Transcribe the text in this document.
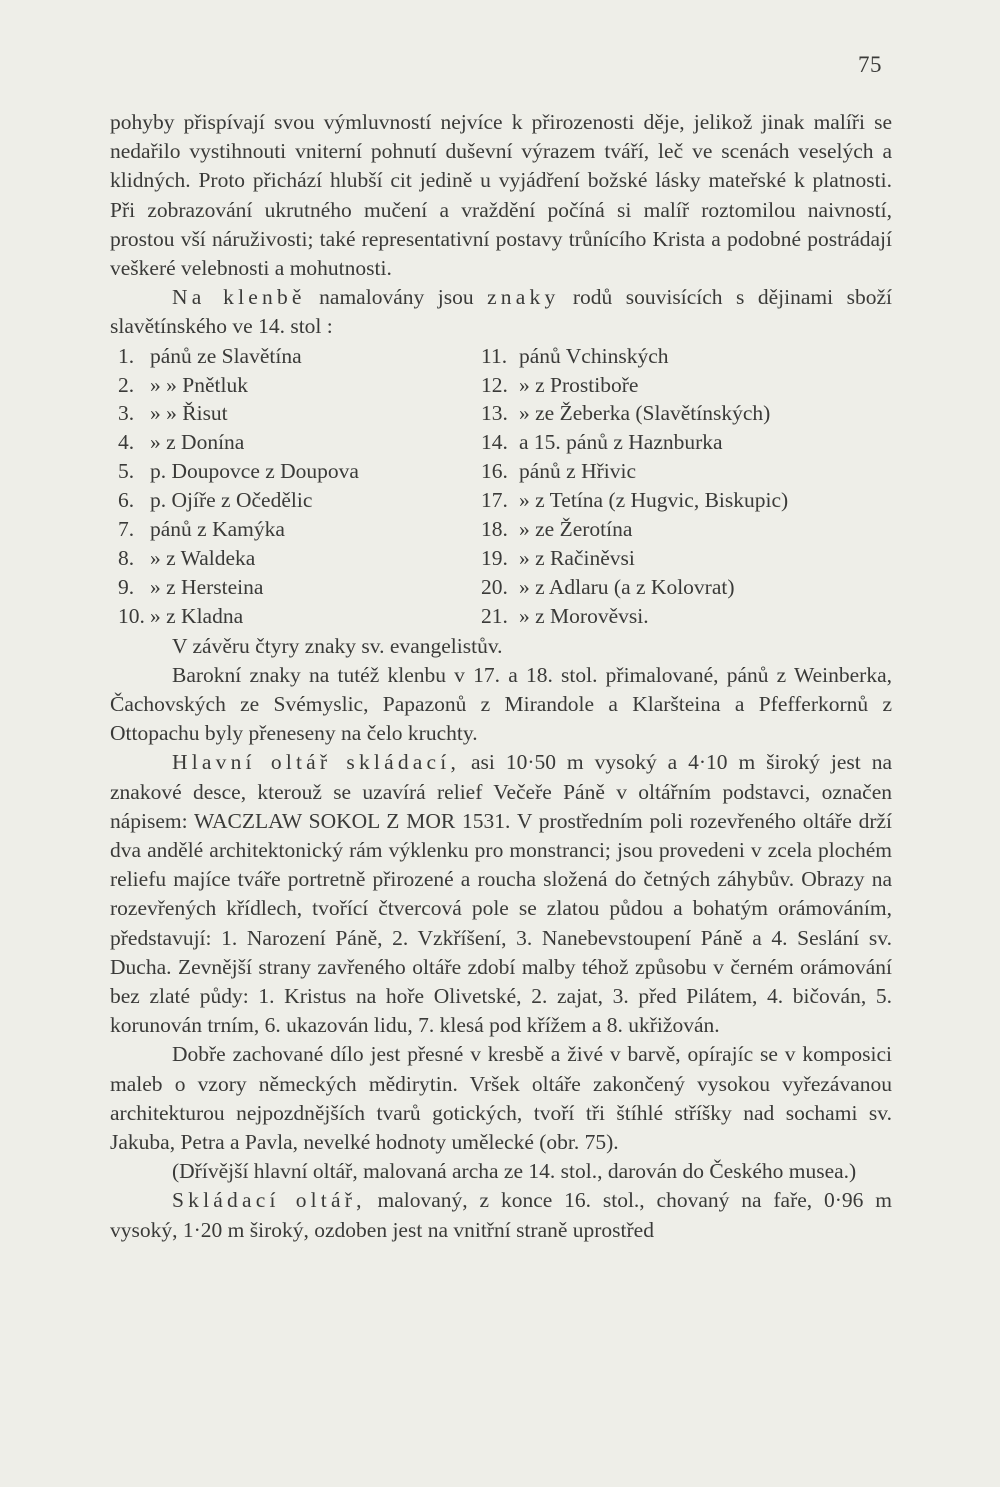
75

pohyby přispívají svou výmluvností nejvíce k přirozenosti děje, jelikož jinak malíři se nedařilo vystihnouti vniterní pohnutí duševní výrazem tváří, leč ve scenách veselých a klidných. Proto přichází hlubší cit jedině u vyjádření božské lásky mateřské k platnosti. Při zobrazování ukrutného mučení a vraždění počíná si malíř roztomilou naivností, prostou vší náruživosti; také representativní postavy trůnícího Krista a podobné postrádají veškeré velebnosti a mohutnosti.

Na klenbě namalovány jsou znaky rodů souvisících s dějinami sboží slavětínského ve 14. stol :

1. pánů ze Slavětína
2. » » Pnětluk
3. » » Řisut
4. » z Donína
5. p. Doupovce z Doupova
6. p. Ojíře z Očedělic
7. pánů z Kamýka
8. » z Waldeka
9. » z Hersteina
10. » z Kladna
11. pánů Vchinských
12. » z Prostiboře
13. » ze Žeberka (Slavětínských)
14. a 15. pánů z Haznburka
16. pánů z Hřivic
17. » z Tetína (z Hugvic, Biskupic)
18. » ze Žerotína
19. » z Račiněvsi
20. » z Adlaru (a z Kolovrat)
21. » z Morověvsi.

V závěru čtyry znaky sv. evangelistův.

Barokní znaky na tutéž klenbu v 17. a 18. stol. přimalované, pánů z Weinberka, Čachovských ze Svémyslic, Papazonů z Mirandole a Klaršteina a Pfefferkornů z Ottopachu byly přeneseny na čelo kruchty.

Hlavní oltář skládací, asi 10·50 m vysoký a 4·10 m široký jest na znakové desce, kterouž se uzavírá relief Večeře Páně v oltářním podstavci, označen nápisem: WACZLAW SOKOL Z MOR 1531. V prostředním poli rozevřeného oltáře drží dva andělé architektonický rám výklenku pro monstranci; jsou provedeni v zcela plochém reliefu majíce tváře portretně přirozené a roucha složená do četných záhybův. Obrazy na rozevřených křídlech, tvořící čtvercová pole se zlatou půdou a bohatým orámováním, představují: 1. Narození Páně, 2. Vzkříšení, 3. Nanebevstoupení Páně a 4. Seslání sv. Ducha. Zevnější strany zavřeného oltáře zdobí malby téhož způsobu v černém orámování bez zlaté půdy: 1. Kristus na hoře Olivetské, 2. zajat, 3. před Pilátem, 4. bičován, 5. korunován trním, 6. ukazován lidu, 7. klesá pod křížem a 8. ukřižován.

Dobře zachované dílo jest přesné v kresbě a živé v barvě, opírajíc se v komposici maleb o vzory německých mědirytin. Vršek oltáře zakončený vysokou vyřezávanou architekturou nejpozdnějších tvarů gotických, tvoří tři štíhlé stříšky nad sochami sv. Jakuba, Petra a Pavla, nevelké hodnoty umělecké (obr. 75).

(Dřívější hlavní oltář, malovaná archa ze 14. stol., darován do Českého musea.)

Skládací oltář, malovaný, z konce 16. stol., chovaný na faře, 0·96 m vysoký, 1·20 m široký, ozdoben jest na vnitřní straně uprostřed
